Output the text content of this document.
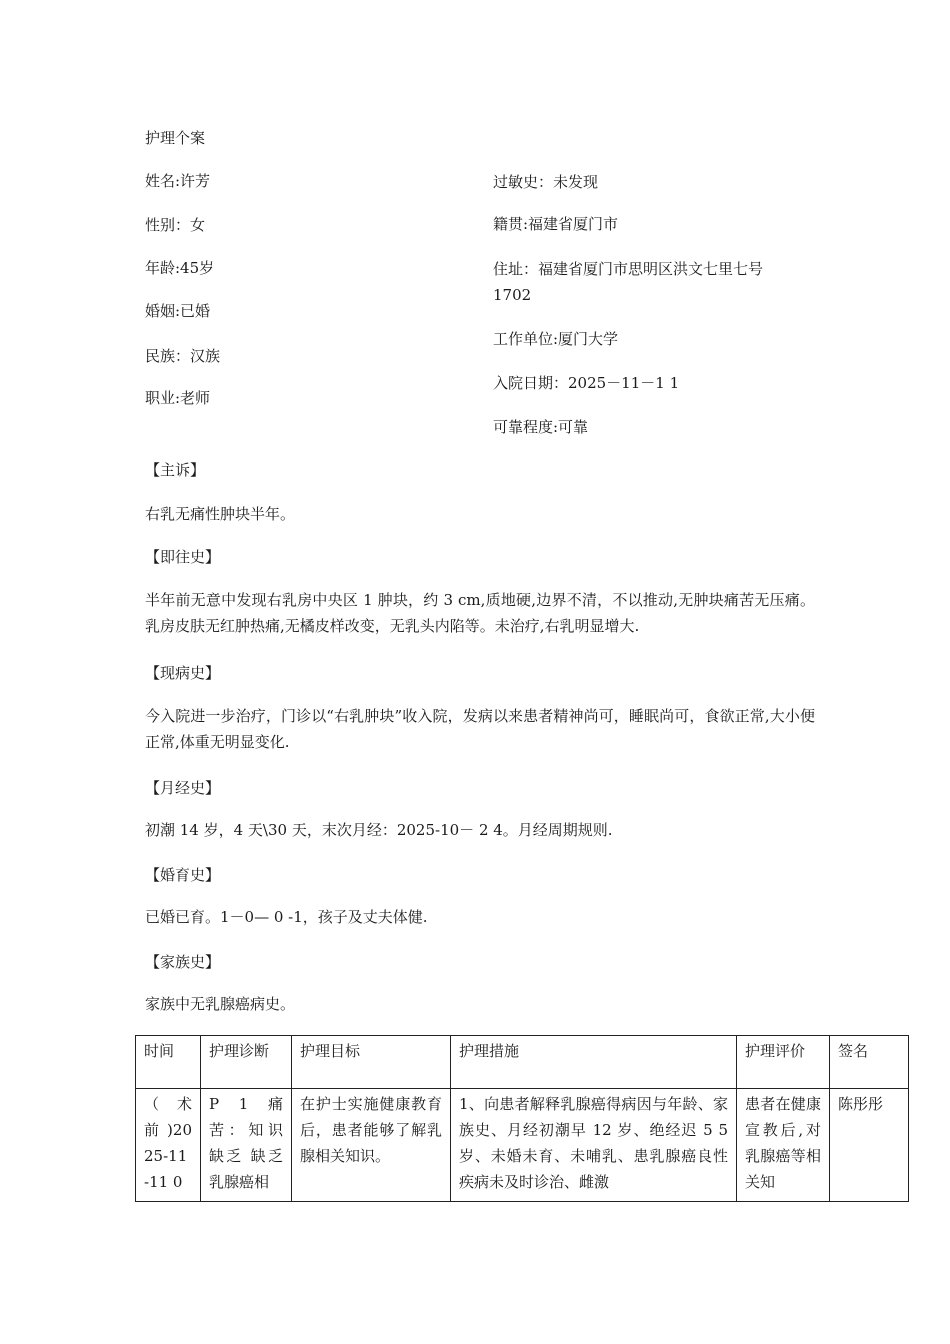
护理个案
姓名:许芳
性别：女
年龄:45岁
婚姻:已婚
民族：汉族
职业:老师
过敏史：未发现
籍贯:福建省厦门市
住址：福建省厦门市思明区洪文七里七号
1702
工作单位:厦门大学
入院日期：2025－11－1 1
可靠程度:可靠
【主诉】
右乳无痛性肿块半年。
【即往史】
半年前无意中发现右乳房中央区 1 肿块，约 3 cm,质地硬,边界不清，不以推动,无肿块痛苦无压痛。乳房皮肤无红肿热痛,无橘皮样改变，无乳头内陷等。未治疗,右乳明显增大.
【现病史】
今入院进一步治疗，门诊以“右乳肿块”收入院，发病以来患者精神尚可，睡眠尚可，食欲正常,大小便正常,体重无明显变化.
【月经史】
初潮 14 岁，4 天\30 天，末次月经：2025-10－ 2 4。月经周期规则.
【婚育史】
已婚已育。1－0— 0 -1，孩子及丈夫体健.
【家族史】
家族中无乳腺癌病史。
时间	护理诊断	护理目标	护理措施	护理评价	签名

（ 术前)2025-11-11 0	P 1 痛苦：知识缺乏 缺乏乳腺癌相	在护士实施健康教育后，患者能够了解乳腺相关知识。	1、向患者解释乳腺癌得病因与年龄、家族史、月经初潮早 12 岁、绝经迟 5 5 岁、未婚未育、未哺乳、患乳腺癌良性疾病未及时诊治、雌激	患者在健康宣教后,对乳腺癌等相关知	陈彤彤
